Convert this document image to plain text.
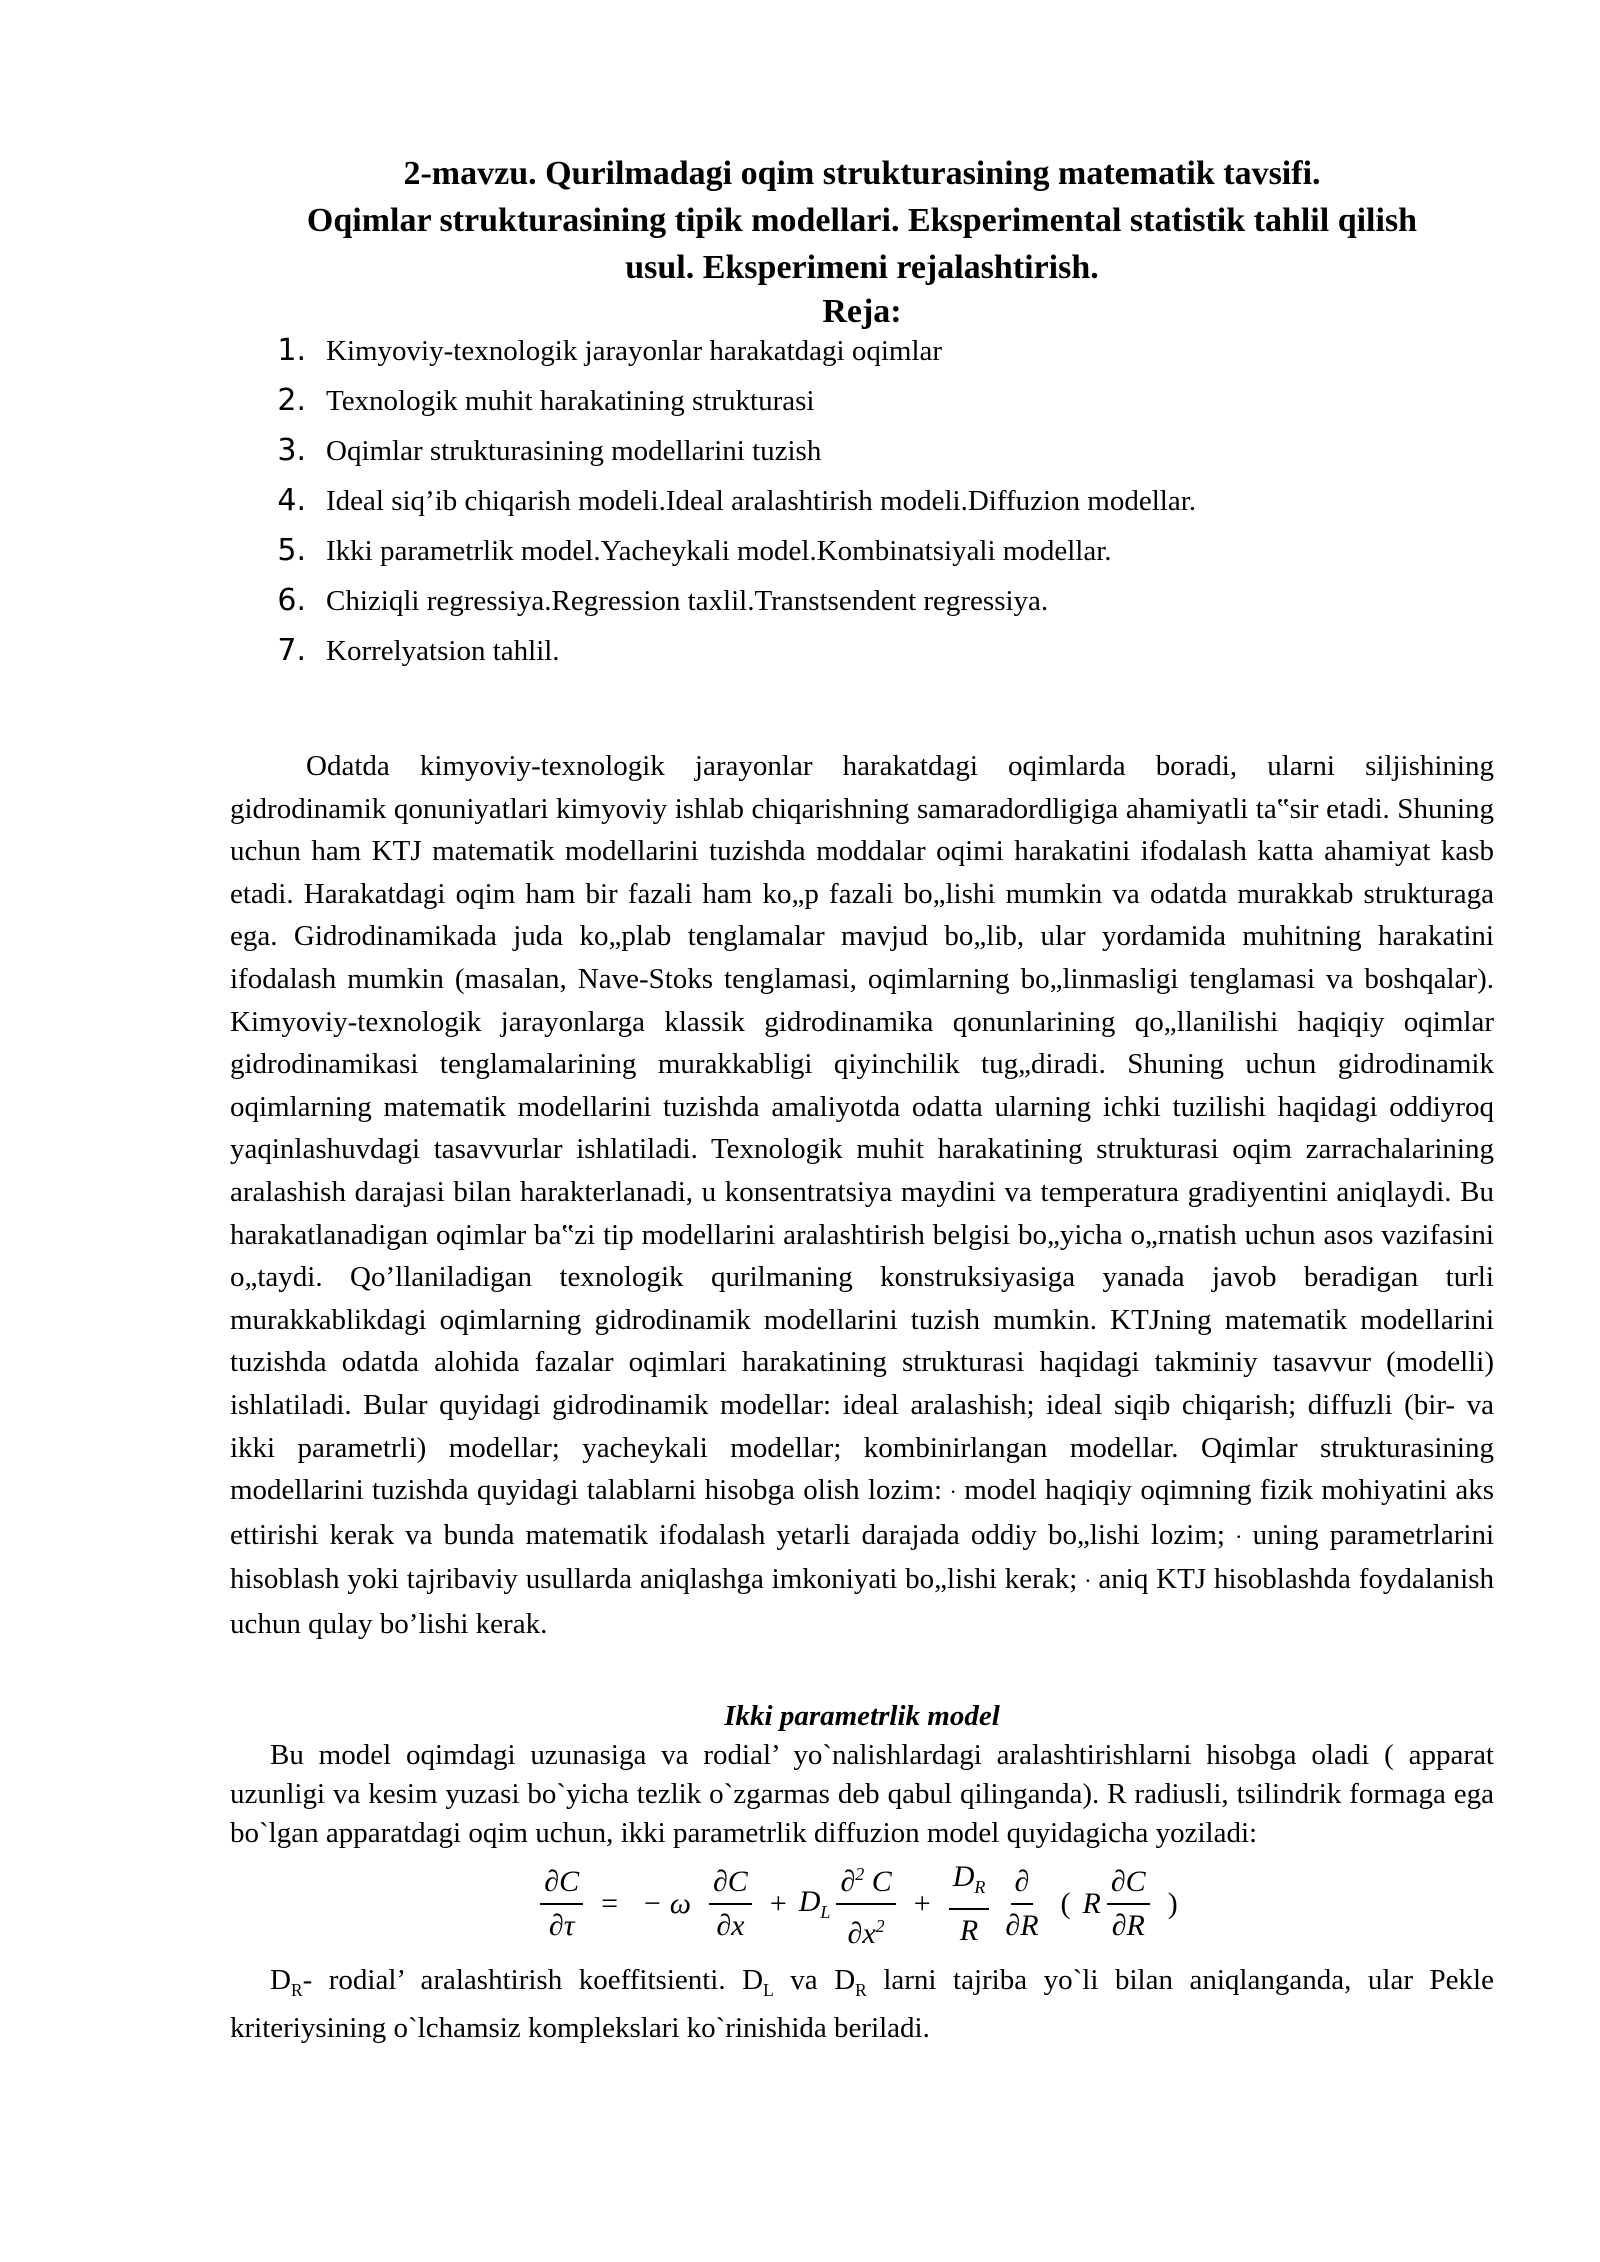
2-mavzu. Qurilmadagi oqim strukturasining matematik tavsifi.

Oqimlar strukturasining tipik modellari. Eksperimental statistik tahlil qilish

usul. Eksperimeni rejalashtirish.

Reja:

1. Kimyoviy-texnologik jarayonlar harakatdagi oqimlar
2. Texnologik muhit harakatining strukturasi
3. Oqimlar strukturasining modellarini tuzish
4. Ideal siq’ib chiqarish modeli.Ideal aralashtirish modeli.Diffuzion modellar.
5. Ikki parametrlik model.Yacheykali model.Kombinatsiyali modellar.
6. Chiziqli regressiya.Regression taxlil.Transtsendent regressiya.
7. Korrelyatsion tahlil.

Odatda kimyoviy-texnologik jarayonlar harakatdagi oqimlarda boradi, ularni siljishining gidrodinamik qonuniyatlari kimyoviy ishlab chiqarishning samaradordligiga ahamiyatli ta‟sir etadi. Shuning uchun ham KTJ matematik modellarini tuzishda moddalar oqimi harakatini ifodalash katta ahamiyat kasb etadi. Harakatdagi oqim ham bir fazali ham ko„p fazali bo„lishi mumkin va odatda murakkab strukturaga ega. Gidrodinamikada juda ko„plab tenglamalar mavjud bo„lib, ular yordamida muhitning harakatini ifodalash mumkin (masalan, Nave-Stoks tenglamasi, oqimlarning bo„linmasligi tenglamasi va boshqalar). Kimyoviy-texnologik jarayonlarga klassik gidrodinamika qonunlarining qo„llanilishi haqiqiy oqimlar gidrodinamikasi tenglamalarining murakkabligi qiyinchilik tug„diradi. Shuning uchun gidrodinamik oqimlarning matematik modellarini tuzishda amaliyotda odatta ularning ichki tuzilishi haqidagi oddiyroq yaqinlashuvdagi tasavvurlar ishlatiladi. Texnologik muhit harakatining strukturasi oqim zarrachalarining aralashish darajasi bilan harakterlanadi, u konsentratsiya maydini va temperatura gradiyentini aniqlaydi. Bu harakatlanadigan oqimlar ba‟zi tip modellarini aralashtirish belgisi bo„yicha o„rnatish uchun asos vazifasini o„taydi. Qo’llaniladigan texnologik qurilmaning konstruksiyasiga yanada javob beradigan turli murakkablikdagi oqimlarning gidrodinamik modellarini tuzish mumkin. KTJning matematik modellarini tuzishda odatda alohida fazalar oqimlari harakatining strukturasi haqidagi takminiy tasavvur (modelli) ishlatiladi. Bular quyidagi gidrodinamik modellar: ideal aralashish; ideal siqib chiqarish; diffuzli (bir- va ikki parametrli) modellar; yacheykali modellar; kombinirlangan modellar. Oqimlar strukturasining modellarini tuzishda quyidagi talablarni hisobga olish lozim: ∙ model haqiqiy oqimning fizik mohiyatini aks ettirishi kerak va bunda matematik ifodalash yetarli darajada oddiy bo„lishi lozim; ∙ uning parametrlarini hisoblash yoki tajribaviy usullarda aniqlashga imkoniyati bo„lishi kerak; ∙ aniq KTJ hisoblashda foydalanish uchun qulay bo’lishi kerak.

Ikki parametrlik model

Bu model oqimdagi uzunasiga va rodial’ yo`nalishlardagi aralashtirishlarni hisobga oladi ( apparat uzunligi va kesim yuzasi bo`yicha tezlik o`zgarmas deb qabul qilinganda). R radiusli, tsilindrik formaga ega bo`lgan apparatdagi oqim uchun, ikki parametrlik diffuzion model quyidagicha yoziladi:

$\frac{\partial C}{\partial\tau}$ = − ω $\frac{\partial C}{\partial x} + D_L \frac{\partial^2 C}{\partial x^2} + \frac{D_R}{R} \frac{\partial}{\partial R}$ ( R $\frac{\partial C}{\partial R}$ )

$D_R-$ rodial’ aralashtirish koeffitsienti. $D_L$ va $D_R$ larni tajriba yo`li bilan aniqlanganda, ular Pekle kriteriysining o`lchamsiz komplekslari ko`rinishida beriladi.
